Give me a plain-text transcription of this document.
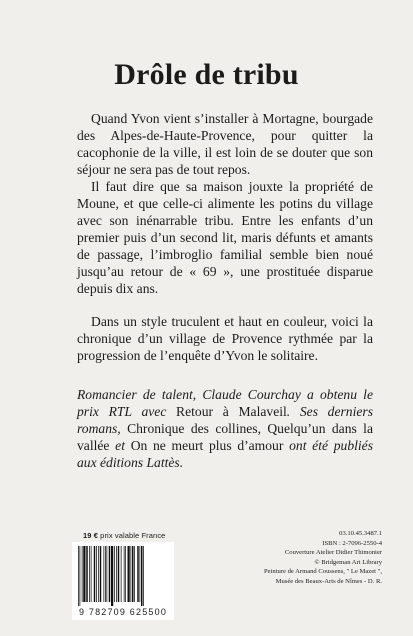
Drôle de tribu

Quand Yvon vient s’installer à Mortagne, bourgade des Alpes-de-Haute-Provence, pour quitter la cacophonie de la ville, il est loin de se douter que son séjour ne sera pas de tout repos.

Il faut dire que sa maison jouxte la propriété de Moune, et que celle-ci alimente les potins du village avec son inénarrable tribu. Entre les enfants d’un premier puis d’un second lit, maris défunts et amants de passage, l’imbroglio familial semble bien noué jusqu’au retour de « 69 », une prostituée disparue depuis dix ans.

Dans un style truculent et haut en couleur, voici la chronique d’un village de Provence rythmée par la progression de l’enquête d’Yvon le solitaire.

Romancier de talent, Claude Courchay a obtenu le prix RTL avec Retour à Malaveil. Ses derniers romans, Chronique des collines, Quelqu’un dans la vallée et On ne meurt plus d’amour ont été publiés aux éditions Lattès.

19 € prix valable France
9 782709 625500
03.10.45.3487.1
ISBN : 2-7096-2550-4
Couverture Atelier Didier Thimonier
© Bridgeman Art Library
Peinture de Armand Coussens, " Le Mazet ",
Musée des Beaux-Arts de Nîmes - D. R.
